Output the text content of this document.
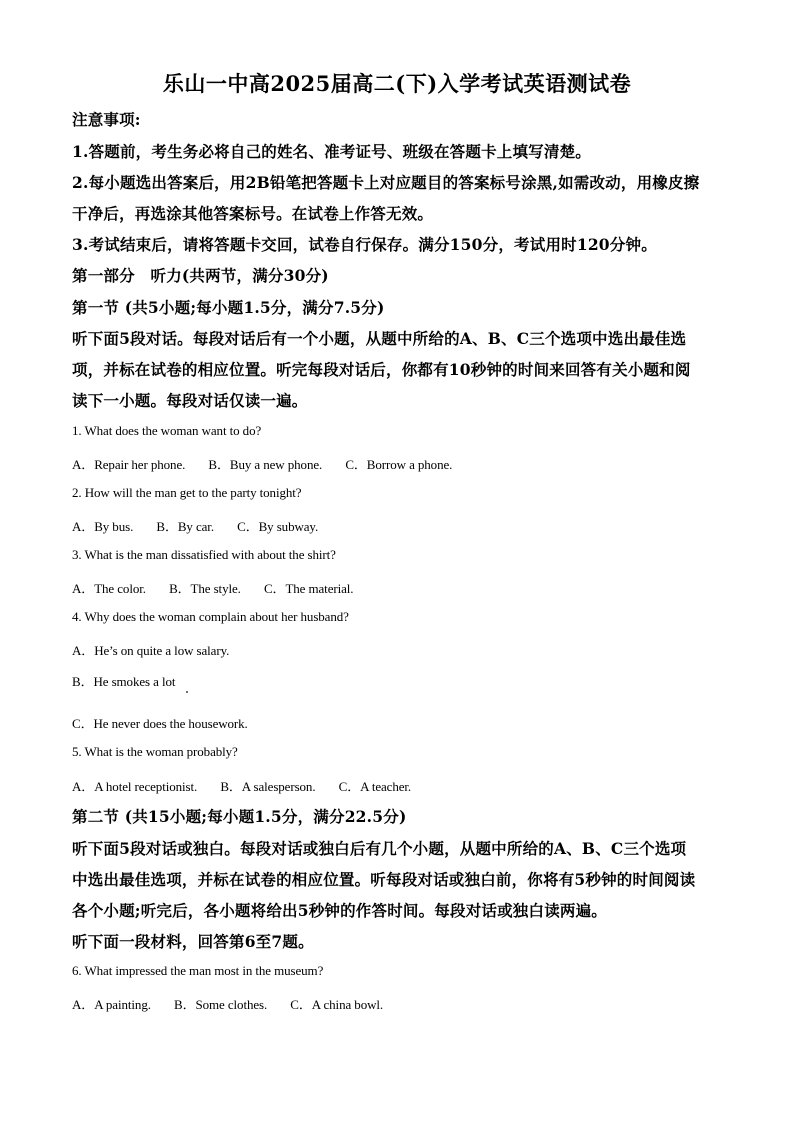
乐山一中高2025届高二(下)入学考试英语测试卷

注意事项:

1.答题前，考生务必将自己的姓名、准考证号、班级在答题卡上填写清楚。

2.每小题选出答案后，用2B铅笔把答题卡上对应题目的答案标号涂黑,如需改动，用橡皮擦

干净后，再选涂其他答案标号。在试卷上作答无效。

3.考试结束后，请将答题卡交回，试卷自行保存。满分150分，考试用时120分钟。

第一部分　听力(共两节，满分30分)

第一节 (共5小题;每小题1.5分，满分7.5分)

听下面5段对话。每段对话后有一个小题，从题中所给的A、B、C三个选项中选出最佳选

项，并标在试卷的相应位置。听完每段对话后，你都有10秒钟的时间来回答有关小题和阅

读下一小题。每段对话仅读一遍。

1. What does the woman want to do?

A．Repair her phone. B．Buy a new phone. C．Borrow a phone.

2. How will the man get to the party tonight?

A．By bus. B．By car. C．By subway.

3. What is the man dissatisfied with about the shirt?

A．The color. B．The style. C．The material.

4. Why does the woman complain about her husband?

A．He’s on quite a low salary.

B．He smokes a lot

C．He never does the housework.

5. What is the woman probably?

A．A hotel receptionist. B．A salesperson. C．A teacher.

第二节 (共15小题;每小题1.5分，满分22.5分)

听下面5段对话或独白。每段对话或独白后有几个小题，从题中所给的A、B、C三个选项

中选出最佳选项，并标在试卷的相应位置。听每段对话或独白前，你将有5秒钟的时间阅读

各个小题;听完后，各小题将给出5秒钟的作答时间。每段对话或独白读两遍。

听下面一段材料，回答第6至7题。

6. What impressed the man most in the museum?

A．A painting. B．Some clothes. C．A china bowl.
